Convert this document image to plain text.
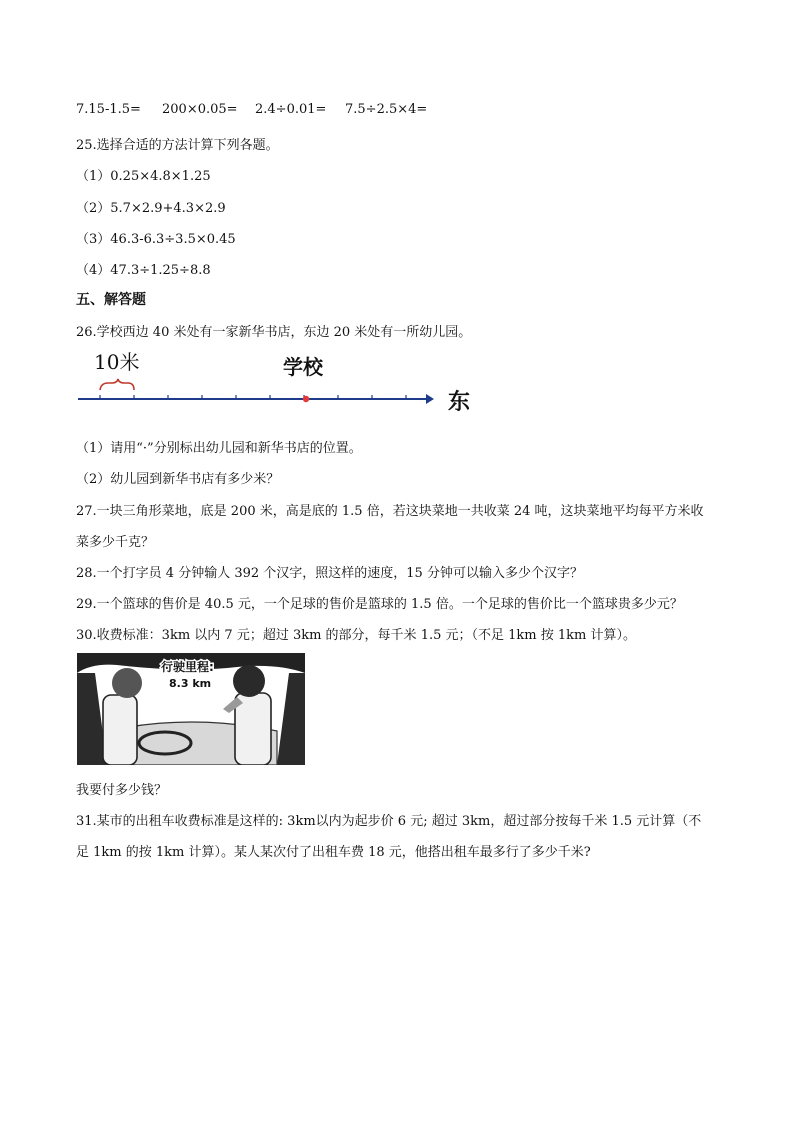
7.15-1.5= 200×0.05= 2.4÷0.01= 7.5÷2.5×4=
25.选择合适的方法计算下列各题。
（1）0.25×4.8×1.25
（2）5.7×2.9+4.3×2.9
（3）46.3-6.3÷3.5×0.45
（4）47.3÷1.25÷8.8
五、解答题
26.学校西边 40 米处有一家新华书店，东边 20 米处有一所幼儿园。
10米	学校
东
（1）请用“·”分别标出幼儿园和新华书店的位置。
（2）幼儿园到新华书店有多少米？
27.一块三角形菜地，底是 200 米，高是底的 1.5 倍，若这块菜地一共收菜 24 吨，这块菜地平均每平方米收
菜多少千克？
28.一个打字员 4 分钟输人 392 个汉字，照这样的速度，15 分钟可以输入多少个汉字？
29.一个篮球的售价是 40.5 元，一个足球的售价是篮球的 1.5 倍。一个足球的售价比一个篮球贵多少元？
30.收费标准：3km 以内 7 元；超过 3km 的部分，每千米 1.5 元；（不足 1km 按 1km 计算）。
行驶里程:
8.3 km
我要付多少钱？
31.某市的出租车收费标准是这样的: 3km以内为起步价 6 元; 超过 3km，超过部分按每千米 1.5 元计算（不
足 1km 的按 1km 计算）。某人某次付了出租车费 18 元，他搭出租车最多行了多少千米?
